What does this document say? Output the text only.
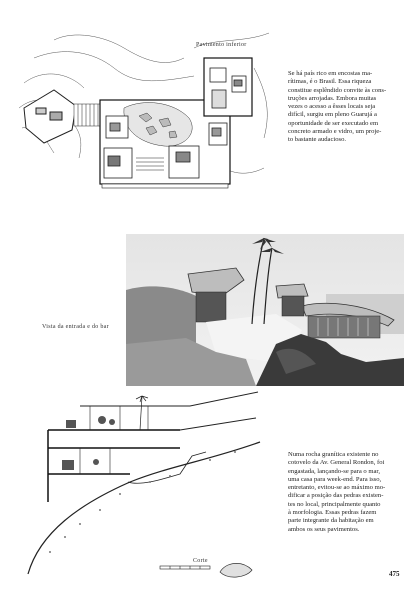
Pavimento inferior
Se há país rico em encostas ma-
rítimas, é o Brasil. Essa riqueza
constitue esplêndido convite às cons-
truções arrojadas. Embora muitas
vezes o acesso a êsses locais seja
difícil, surgiu em pleno Guarujá a
oportunidade de ser executado em
concreto armado e vidro, um proje-
to bastante audacioso.
Vista da entrada e do bar
Corte
Numa rocha granítica existente no
cotovelo da Av. General Rondon, foi
engastada, lançando-se para o mar,
uma casa para week-end. Para isso,
entretanto, evitou-se ao máximo mo-
dificar a posição das pedras existen-
tes no local, principalmente quanto
à morfologia. Essas pedras fazem
parte integrante da habitação em
ambos os seus pavimentos.
475
